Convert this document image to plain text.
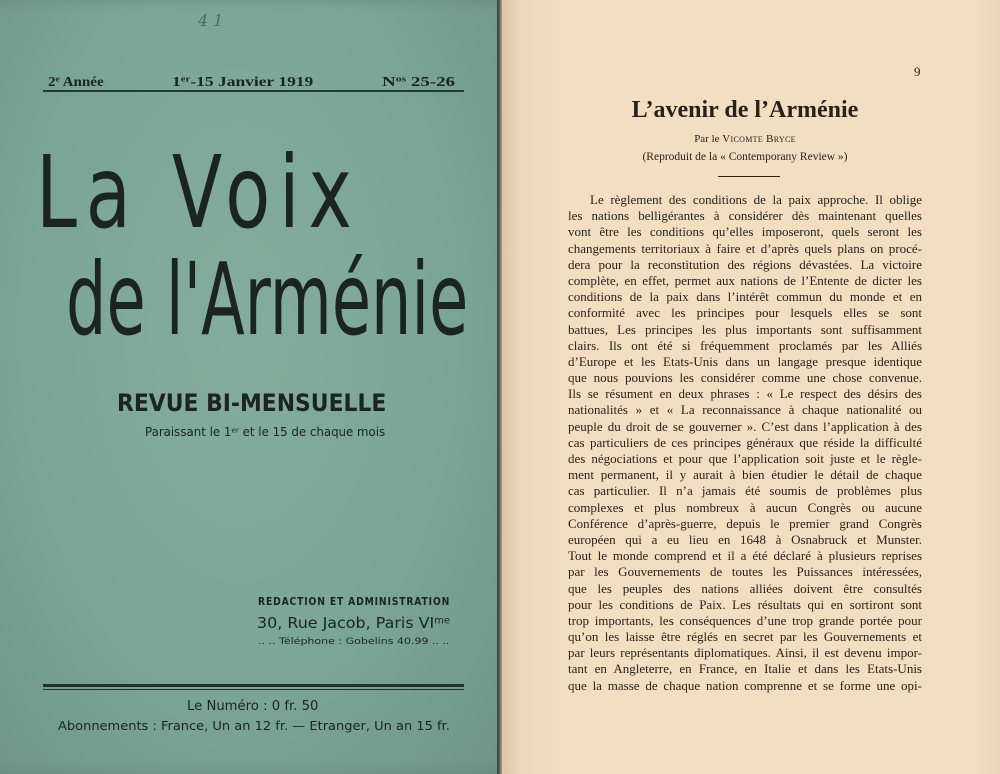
41
2e Année	1er-15 Janvier 1919	$N^{os}$ 25-26
La Voix
de l'Arménie
REVUE BI-MENSUELLE
Paraissant le 1er et le 15 de chaque mois
REDACTION ET ADMINISTRATION
30, Rue Jacob, Paris $VI^{me}$
.. .. Téléphone : Gobelins 40.99 .. ..
Le Numéro : 0 fr. 50
Abonnements : France, Un an 12 fr. — Etranger, Un an 15 fr.
9
L’avenir de l’Arménie
Par le Vicomte Bryce
(Reproduit de la « Contemporany Review »)
Le règlement des conditions de la paix approche. Il oblige
les nations belligérantes à considérer dès maintenant quelles
vont être les conditions qu’elles imposeront, quels seront les
changements territoriaux à faire et d’après quels plans on procé-
dera pour la reconstitution des régions dévastées. La victoire
complète, en effet, permet aux nations de l’Entente de dicter les
conditions de la paix dans l’intérêt commun du monde et en
conformité avec les principes pour lesquels elles se sont
battues, Les principes les plus importants sont suffisamment
clairs. Ils ont été si fréquemment proclamés par les Alliés
d’Europe et les Etats-Unis dans un langage presque identique
que nous pouvions les considérer comme une chose convenue.
Ils se résument en deux phrases : « Le respect des désirs des
nationalités » et « La reconnaissance à chaque nationalité ou
peuple du droit de se gouverner ». C’est dans l’application à des
cas particuliers de ces principes généraux que réside la difficulté
des négociations et pour que l’application soit juste et le règle-
ment permanent, il y aurait à bien étudier le détail de chaque
cas particulier. Il n’a jamais été soumis de problèmes plus
complexes et plus nombreux à aucun Congrès ou aucune
Conférence d’après-guerre, depuis le premier grand Congrès
européen qui a eu lieu en 1648 à Osnabruck et Munster.
Tout le monde comprend et il a été déclaré à plusieurs reprises
par les Gouvernements de toutes les Puissances intéressées,
que les peuples des nations alliées doivent être consultés
pour les conditions de Paix. Les résultats qui en sortiront sont
trop importants, les conséquences d’une trop grande portée pour
qu’on les laisse être réglés en secret par les Gouvernements et
par leurs représentants diplomatiques. Ainsi, il est devenu impor-
tant en Angleterre, en France, en Italie et dans les Etats-Unis
que la masse de chaque nation comprenne et se forme une opi-
